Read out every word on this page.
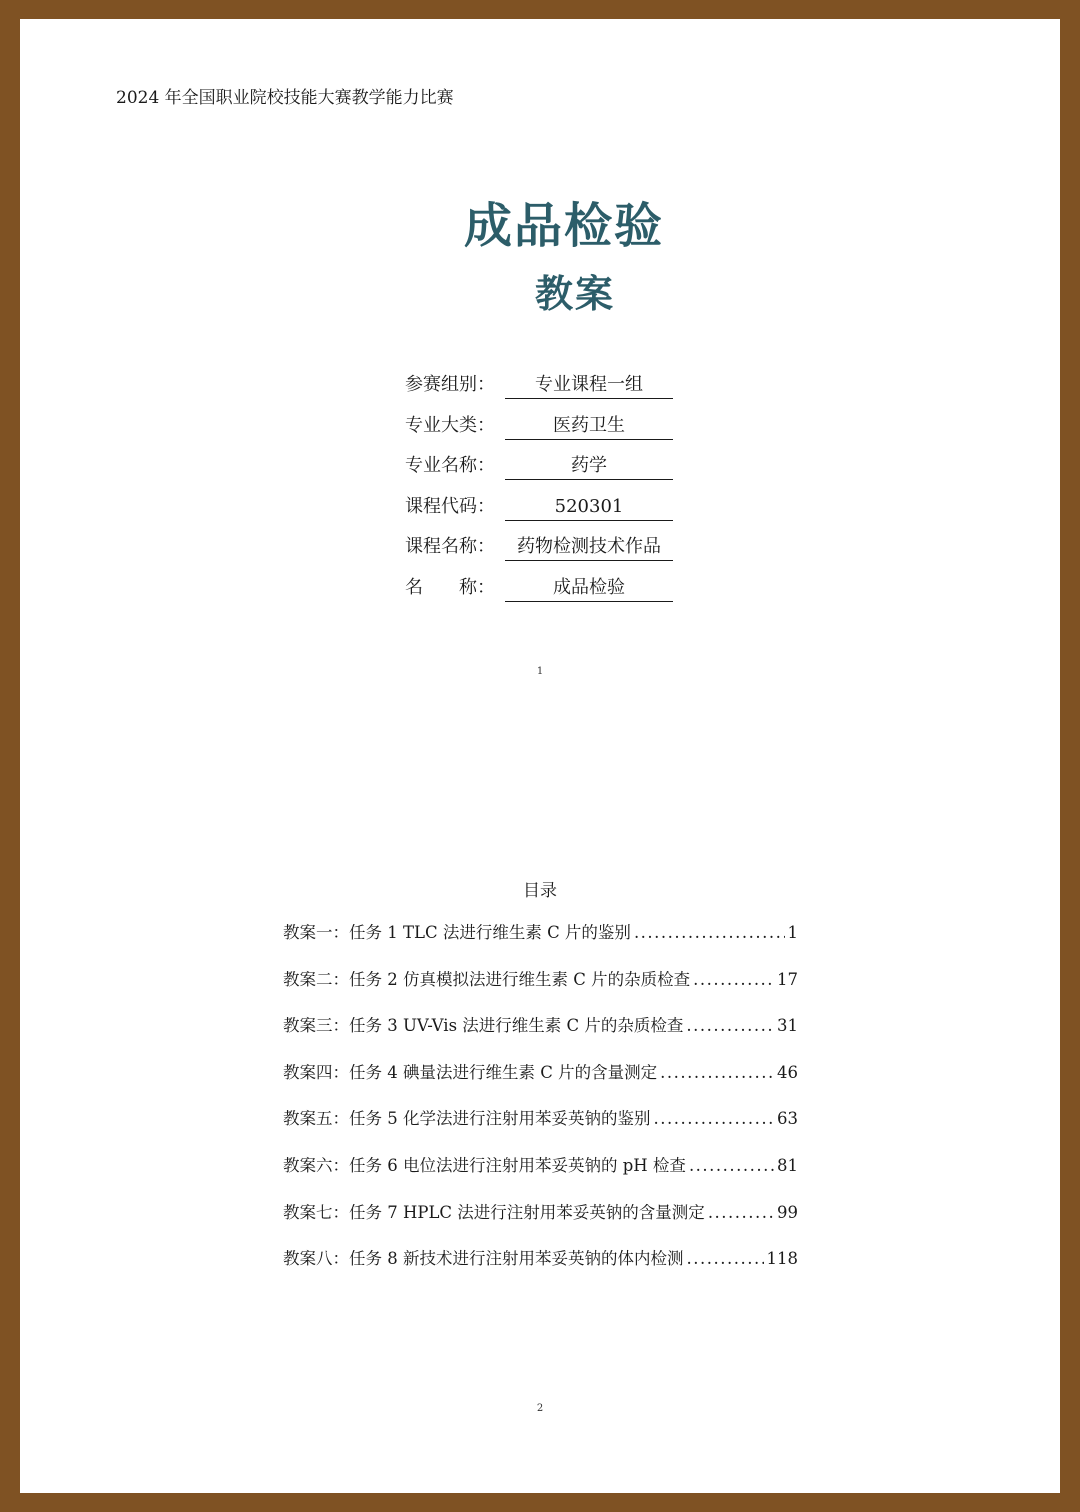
2024 年全国职业院校技能大赛教学能力比赛
成品检验
教案
参赛组别：	专业课程一组
专业大类：	医药卫生
专业名称：	药学
课程代码：	520301
课程名称：	药物检测技术作品
名　　称：	成品检验
1
目录
教案一：任务 1 TLC 法进行维生素 C 片的鉴别 .....	1
教案二：任务 2 仿真模拟法进行维生素 C 片的杂质检查 .....	17
教案三：任务 3 UV-Vis 法进行维生素 C 片的杂质检查 .....	31
教案四：任务 4 碘量法进行维生素 C 片的含量测定 .....	46
教案五：任务 5 化学法进行注射用苯妥英钠的鉴别 .....	63
教案六：任务 6 电位法进行注射用苯妥英钠的 pH 检查 .....	81
教案七：任务 7 HPLC 法进行注射用苯妥英钠的含量测定 .....	99
教案八：任务 8 新技术进行注射用苯妥英钠的体内检测 .....	118
2
